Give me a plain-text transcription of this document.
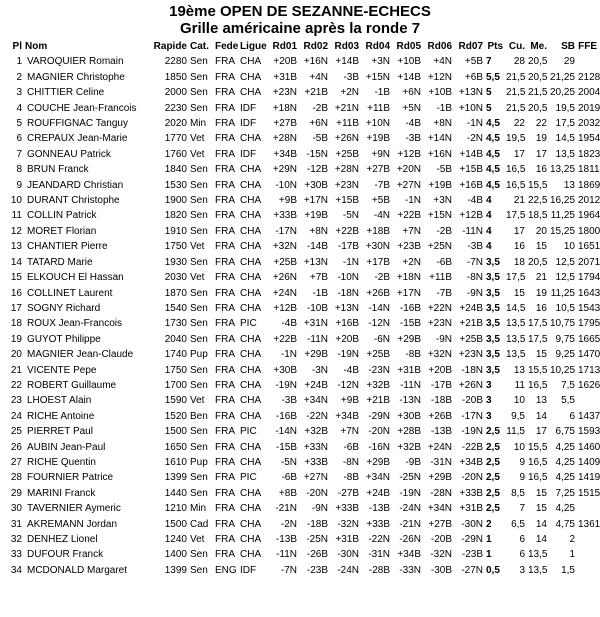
19ème OPEN DE SEZANNE-ECHECS
Grille américaine après la ronde 7
Pl	Nom	Rapide	Cat.	Fede	Ligue	Rd01	Rd02	Rd03	Rd04	Rd05	Rd06	Rd07	Pts	Cu.	Me.	SB	FFE
1	VAROQUIER Romain	2280	Sen	FRA	CHA	+20B	+16N	+14B	+3N	+10B	+4N	+5B	7	28	20,5	29	
2	MAGNIER Christophe	1850	Sen	FRA	CHA	+31B	+4N	-3B	+15N	+14B	+12N	+6B	5,5	21,5	20,5	21,25	2128
3	CHITTIER Celine	2000	Sen	FRA	CHA	+23N	+21B	+2N	-1B	+6N	+10B	+13N	5	21,5	21,5	20,25	2004
4	COUCHE Jean-Francois	2230	Sen	FRA	IDF	+18N	-2B	+21N	+11B	+5N	-1B	+10N	5	21,5	20,5	19,5	2019
5	ROUFFIGNAC Tanguy	2020	Min	FRA	IDF	+27B	+6N	+11B	+10N	-4B	+8N	-1N	4,5	22	22	17,5	2032
6	CREPAUX Jean-Marie	1770	Vet	FRA	CHA	+28N	-5B	+26N	+19B	-3B	+14N	-2N	4,5	19,5	19	14,5	1954
7	GONNEAU Patrick	1760	Vet	FRA	IDF	+34B	-15N	+25B	+9N	+12B	+16N	+14B	4,5	17	17	13,5	1823
8	BRUN Franck	1840	Sen	FRA	CHA	+29N	-12B	+28N	+27B	+20N	-5B	+15B	4,5	16,5	16	13,25	1811
9	JEANDARD Christian	1530	Sen	FRA	CHA	-10N	+30B	+23N	-7B	+27N	+19B	+16B	4,5	16,5	15,5	13	1869
10	DURANT Christophe	1900	Sen	FRA	CHA	+9B	+17N	+15B	+5B	-1N	+3N	-4B	4	21	22,5	16,25	2012
11	COLLIN Patrick	1820	Sen	FRA	CHA	+33B	+19B	-5N	-4N	+22B	+15N	+12B	4	17,5	18,5	11,25	1964
12	MORET Florian	1910	Sen	FRA	CHA	-17N	+8N	+22B	+18B	+7N	-2B	-11N	4	17	20	15,25	1800
13	CHANTIER Pierre	1750	Vet	FRA	CHA	+32N	-14B	-17B	+30N	+23B	+25N	-3B	4	16	15	10	1651
14	TATARD Marie	1930	Sen	FRA	CHA	+25B	+13N	-1N	+17B	+2N	-6B	-7N	3,5	18	20,5	12,5	2071
15	ELKOUCH El Hassan	2030	Vet	FRA	CHA	+26N	+7B	-10N	-2B	+18N	+11B	-8N	3,5	17,5	21	12,5	1794
16	COLLINET Laurent	1870	Sen	FRA	CHA	+24N	-1B	-18N	+26B	+17N	-7B	-9N	3,5	15	19	11,25	1643
17	SOGNY Richard	1540	Sen	FRA	CHA	+12B	-10B	+13N	-14N	-16B	+22N	+24B	3,5	14,5	16	10,5	1543
18	ROUX Jean-Francois	1730	Sen	FRA	PIC	-4B	+31N	+16B	-12N	-15B	+23N	+21B	3,5	13,5	17,5	10,75	1795
19	GUYOT Philippe	2040	Sen	FRA	CHA	+22B	-11N	+20B	-6N	+29B	-9N	+25B	3,5	13,5	17,5	9,75	1665
20	MAGNIER Jean-Claude	1740	Pup	FRA	CHA	-1N	+29B	-19N	+25B	-8B	+32N	+23N	3,5	13,5	15	9,25	1470
21	VICENTE Pepe	1750	Sen	FRA	CHA	+30B	-3N	-4B	-23N	+31B	+20B	-18N	3,5	13	15,5	10,25	1713
22	ROBERT Guillaume	1700	Sen	FRA	CHA	-19N	+24B	-12N	+32B	-11N	-17B	+26N	3	11	16,5	7,5	1626
23	LHOEST Alain	1590	Vet	FRA	CHA	-3B	+34N	+9B	+21B	-13N	-18B	-20B	3	10	13	5,5	
24	RICHE Antoine	1520	Ben	FRA	CHA	-16B	-22N	+34B	-29N	+30B	+26B	-17N	3	9,5	14	6	1437
25	PIERRET Paul	1500	Sen	FRA	PIC	-14N	+32B	+7N	-20N	+28B	-13B	-19N	2,5	11,5	17	6,75	1593
26	AUBIN Jean-Paul	1650	Sen	FRA	CHA	-15B	+33N	-6B	-16N	+32B	+24N	-22B	2,5	10	15,5	4,25	1460
27	RICHE Quentin	1610	Pup	FRA	CHA	-5N	+33B	-8N	+29B	-9B	-31N	+34B	2,5	9	16,5	4,25	1409
28	FOURNIER Patrice	1399	Sen	FRA	PIC	-6B	+27N	-8B	+34N	-25N	+29B	-20N	2,5	9	16,5	4,25	1419
29	MARINI Franck	1440	Sen	FRA	CHA	+8B	-20N	-27B	+24B	-19N	-28N	+33B	2,5	8,5	15	7,25	1515
30	TAVERNIER Aymeric	1210	Min	FRA	CHA	-21N	-9N	+33B	-13B	-24N	+34N	+31B	2,5	7	15	4,25	
31	AKREMANN Jordan	1500	Cad	FRA	CHA	-2N	-18B	-32N	+33B	-21N	+27B	-30N	2	6,5	14	4,75	1361
32	DENHEZ Lionel	1240	Vet	FRA	CHA	-13B	-25N	+31B	-22N	-26N	-20B	-29N	1	6	14	2	
33	DUFOUR Franck	1400	Sen	FRA	CHA	-11N	-26B	-30N	-31N	+34B	-32N	-23B	1	6	13,5	1	
34	MCDONALD Margaret	1399	Sen	ENG	IDF	-7N	-23B	-24N	-28B	-33N	-30B	-27N	0,5	3	13,5	1,5	
